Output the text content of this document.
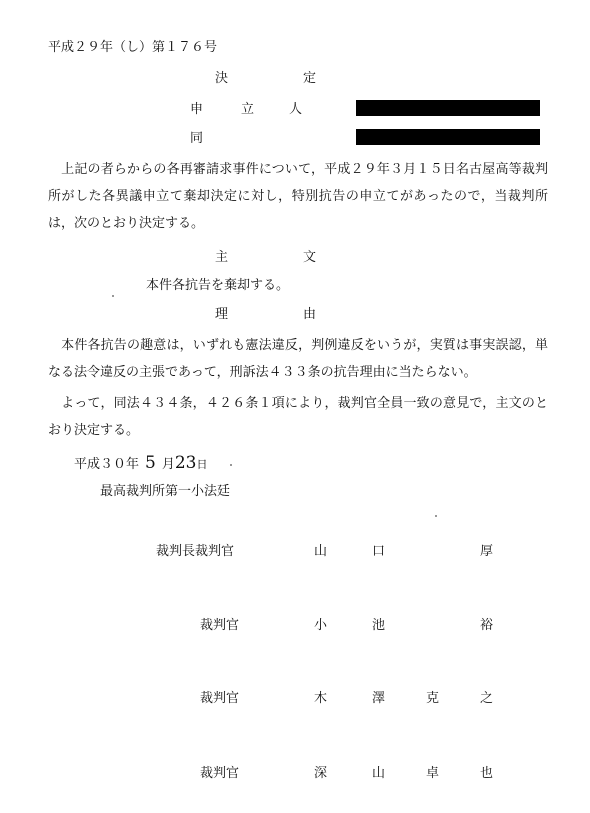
平成２９年（し）第１７６号
決	定
申	立	人
同
　上記の者らからの各再審請求事件について，平成２９年３月１５日名古屋高等裁判所がした各異議申立て棄却決定に対し，特別抗告の申立てがあったので，当裁判所は，次のとおり決定する。
主	文
本件各抗告を棄却する。
理	由
　本件各抗告の趣意は，いずれも憲法違反，判例違反をいうが，実質は事実誤認，単なる法令違反の主張であって，刑訴法４３３条の抗告理由に当たらない。
　よって，同法４３４条，４２６条１項により，裁判官全員一致の意見で，主文のとおり決定する。
平成３０年 5 月23日
最高裁判所第一小法廷
裁判長裁判官	山	口	厚
裁判官	小	池	裕
裁判官	木	澤	克	之
裁判官	深	山	卓	也
